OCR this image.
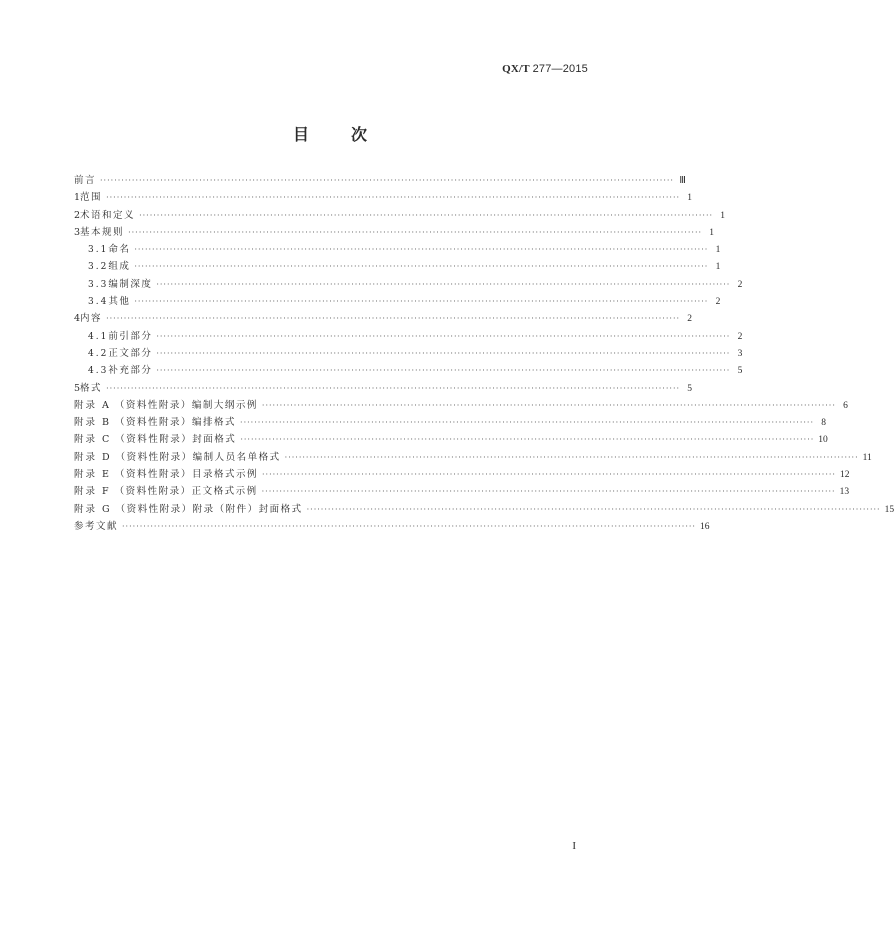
QX/T 277—2015
目	次
前言 ·································································································································································· Ⅲ
1 范围 ·································································································································································· 1
2 术语和定义 ·································································································································································· 1
3 基本规则 ·································································································································································· 1
3.1 命名 ·································································································································································· 1
3.2 组成 ·································································································································································· 1
3.3 编制深度 ·································································································································································· 2
3.4 其他 ·································································································································································· 2
4 内容 ·································································································································································· 2
4.1 前引部分 ·································································································································································· 2
4.2 正文部分 ·································································································································································· 3
4.3 补充部分 ·································································································································································· 5
5 格式 ·································································································································································· 5
附录 A （资料性附录）编制大纲示例 ·································································································································································· 6
附录 B （资料性附录）编排格式 ·································································································································································· 8
附录 C （资料性附录）封面格式 ·································································································································································· 10
附录 D （资料性附录）编制人员名单格式 ·································································································································································· 11
附录 E （资料性附录）目录格式示例 ·································································································································································· 12
附录 F （资料性附录）正文格式示例 ·································································································································································· 13
附录 G （资料性附录）附录（附件）封面格式 ·································································································································································· 15
参考文献 ·································································································································································· 16
I
